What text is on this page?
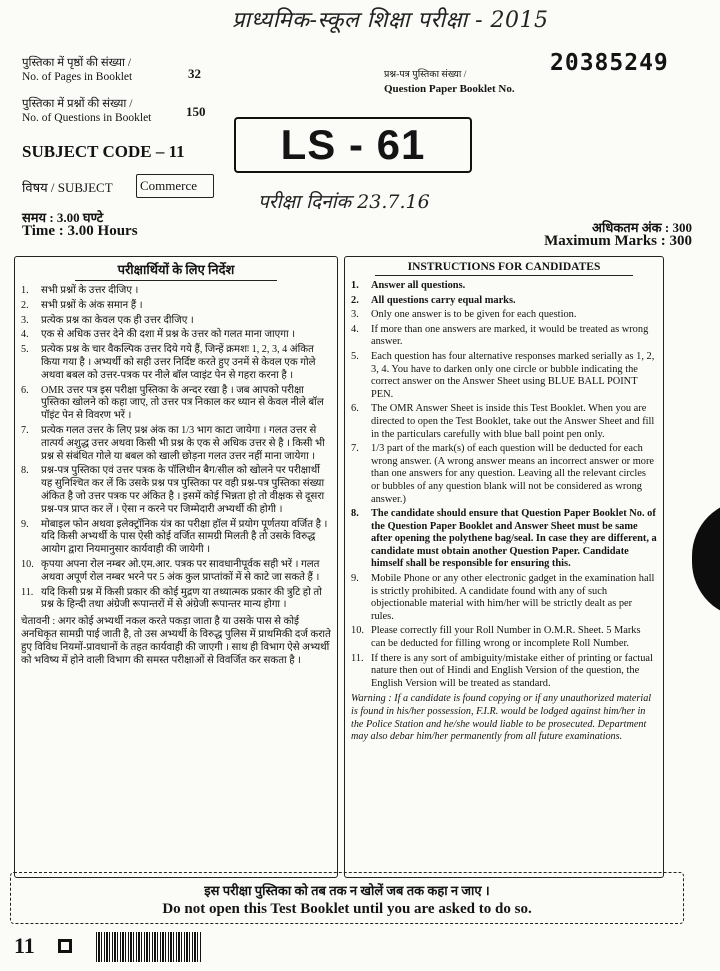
प्राध्यमिक-स्कूल शिक्षा परीक्षा - 2015
पुस्तिका में पृष्ठों की संख्या /
No. of Pages in Booklet	32
पुस्तिका में प्रश्नों की संख्या /
No. of Questions in Booklet	150
प्रश्न-पत्र पुस्तिका संख्या /
Question Paper Booklet No.
20385249
SUBJECT CODE – 11	LS - 61
विषय / SUBJECT	Commerce
परीक्षा दिनांक 23.7.16
समय : 3.00 घण्टे
Time : 3.00 Hours	अधिकतम अंक : 300
Maximum Marks : 300
परीक्षार्थियों के लिए निर्देश
1. सभी प्रश्नों के उत्तर दीजिए ।
2. सभी प्रश्नों के अंक समान हैं ।
3. प्रत्येक प्रश्न का केवल एक ही उत्तर दीजिए ।
4. एक से अधिक उत्तर देने की दशा में प्रश्न के उत्तर को गलत माना जाएगा ।
5. प्रत्येक प्रश्न के चार वैकल्पिक उत्तर दिये गये हैं, जिन्हें क्रमशः 1, 2, 3, 4 अंकित किया गया है । अभ्यर्थी को सही उत्तर निर्दिष्ट करते हुए उनमें से केवल एक गोले अथवा बबल को उत्तर-पत्रक पर नीले बॉल प्वाइंट पेन से गहरा करना है ।
6. OMR उत्तर पत्र इस परीक्षा पुस्तिका के अन्दर रखा है । जब आपको परीक्षा पुस्तिका खोलने को कहा जाए, तो उत्तर पत्र निकाल कर ध्यान से केवल नीले बॉल पॉइंट पेन से विवरण भरें ।
7. प्रत्येक गलत उत्तर के लिए प्रश्न अंक का 1/3 भाग काटा जायेगा । गलत उत्तर से तात्पर्य अशुद्ध उत्तर अथवा किसी भी प्रश्न के एक से अधिक उत्तर से है । किसी भी प्रश्न से संबंधित गोले या बबल को खाली छोड़ना गलत उत्तर नहीं माना जायेगा ।
8. प्रश्न-पत्र पुस्तिका एवं उत्तर पत्रक के पॉलिथीन बैग/सील को खोलने पर परीक्षार्थी यह सुनिश्चित कर लें कि उसके प्रश्न पत्र पुस्तिका पर वही प्रश्न-पत्र पुस्तिका संख्या अंकित है जो उत्तर पत्रक पर अंकित है । इसमें कोई भिन्नता हो तो वीक्षक से दूसरा प्रश्न-पत्र प्राप्त कर लें । ऐसा न करने पर जिम्मेदारी अभ्यर्थी की होगी ।
9. मोबाइल फोन अथवा इलेक्ट्रॉनिक यंत्र का परीक्षा हॉल में प्रयोग पूर्णतया वर्जित है । यदि किसी अभ्यर्थी के पास ऐसी कोई वर्जित सामग्री मिलती है तो उसके विरुद्ध आयोग द्वारा नियमानुसार कार्यवाही की जायेगी ।
10. कृपया अपना रोल नम्बर ओ.एम.आर. पत्रक पर सावधानीपूर्वक सही भरें । गलत अथवा अपूर्ण रोल नम्बर भरने पर 5 अंक कुल प्राप्तांकों में से काटे जा सकते हैं ।
11. यदि किसी प्रश्न में किसी प्रकार की कोई मुद्रण या तथ्यात्मक प्रकार की त्रुटि हो तो प्रश्न के हिन्दी तथा अंग्रेजी रूपान्तरों में से अंग्रेजी रूपान्तर मान्य होगा ।
चेतावनी : अगर कोई अभ्यर्थी नकल करते पकड़ा जाता है या उसके पास से कोई अनधिकृत सामग्री पाई जाती है, तो उस अभ्यर्थी के विरुद्ध पुलिस में प्राथमिकी दर्ज कराते हुए विविध नियमों-प्रावधानों के तहत कार्यवाही की जाएगी । साथ ही विभाग ऐसे अभ्यर्थी को भविष्य में होने वाली विभाग की समस्त परीक्षाओं से विवर्जित कर सकता है ।
INSTRUCTIONS FOR CANDIDATES
1. Answer all questions.
2. All questions carry equal marks.
3. Only one answer is to be given for each question.
4. If more than one answers are marked, it would be treated as wrong answer.
5. Each question has four alternative responses marked serially as 1, 2, 3, 4. You have to darken only one circle or bubble indicating the correct answer on the Answer Sheet using BLUE BALL POINT PEN.
6. The OMR Answer Sheet is inside this Test Booklet. When you are directed to open the Test Booklet, take out the Answer Sheet and fill in the particulars carefully with blue ball point pen only.
7. 1/3 part of the mark(s) of each question will be deducted for each wrong answer. (A wrong answer means an incorrect answer or more than one answers for any question. Leaving all the relevant circles or bubbles of any question blank will not be considered as wrong answer.)
8. The candidate should ensure that Question Paper Booklet No. of the Question Paper Booklet and Answer Sheet must be same after opening the polythene bag/seal. In case they are different, a candidate must obtain another Question Paper. Candidate himself shall be responsible for ensuring this.
9. Mobile Phone or any other electronic gadget in the examination hall is strictly prohibited. A candidate found with any of such objectionable material with him/her will be strictly dealt as per rules.
10. Please correctly fill your Roll Number in O.M.R. Sheet. 5 Marks can be deducted for filling wrong or incomplete Roll Number.
11. If there is any sort of ambiguity/mistake either of printing or factual nature then out of Hindi and English Version of the question, the English Version will be treated as standard.
Warning : If a candidate is found copying or if any unauthorized material is found in his/her possession, F.I.R. would be lodged against him/her in the Police Station and he/she would liable to be prosecuted. Department may also debar him/her permanently from all future examinations.
इस परीक्षा पुस्तिका को तब तक न खोलें जब तक कहा न जाए ।
Do not open this Test Booklet until you are asked to do so.
11
